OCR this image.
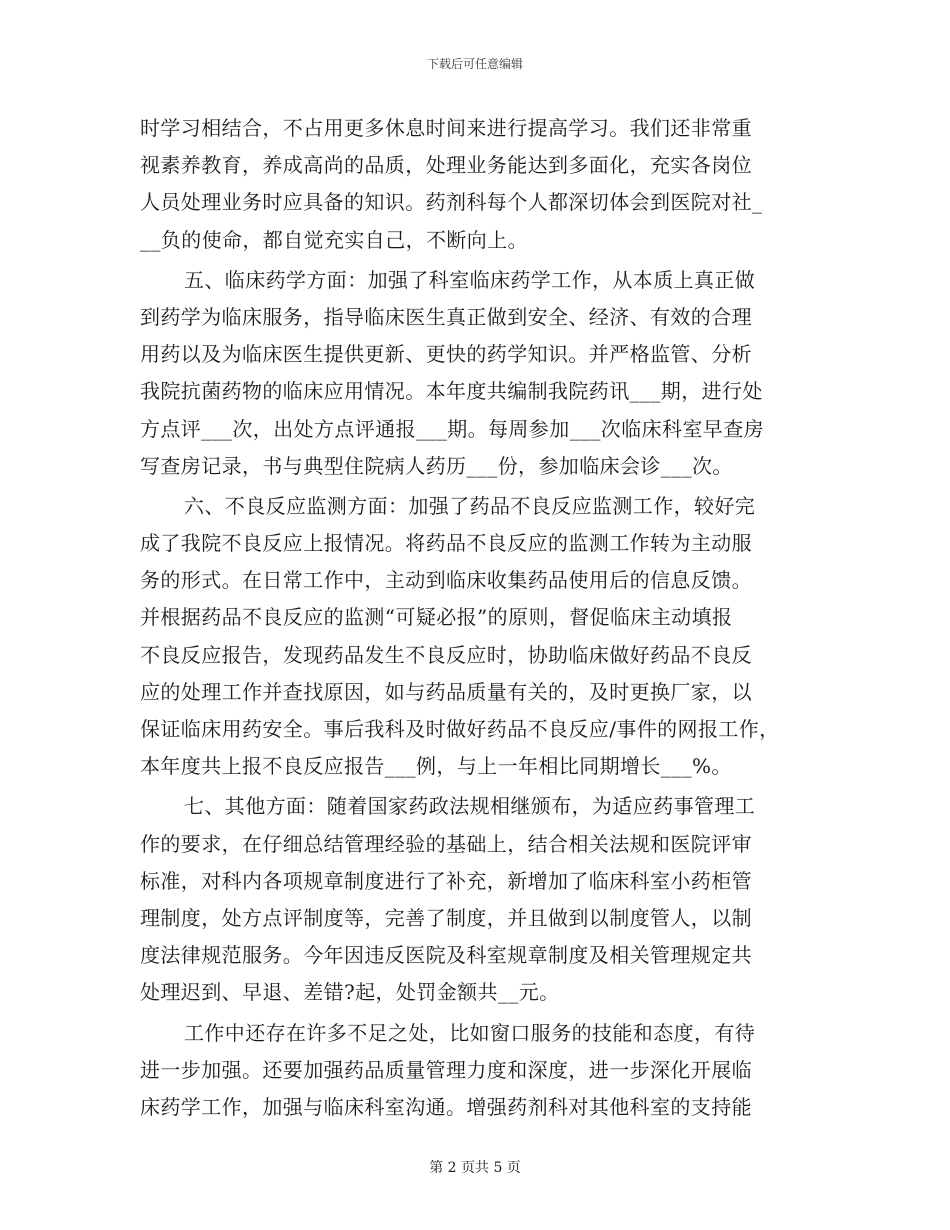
下载后可任意编辑
时学习相结合，不占用更多休息时间来进行提高学习。我们还非常重
视素养教育，养成高尚的品质，处理业务能达到多面化，充实各岗位
人员处理业务时应具备的知识。药剂科每个人都深切体会到医院对社_
__负的使命，都自觉充实自己，不断向上。
五、临床药学方面：加强了科室临床药学工作，从本质上真正做
到药学为临床服务，指导临床医生真正做到安全、经济、有效的合理
用药以及为临床医生提供更新、更快的药学知识。并严格监管、分析
我院抗菌药物的临床应用情况。本年度共编制我院药讯___期，进行处
方点评___次，出处方点评通报___期。每周参加___次临床科室早查房
写查房记录，书与典型住院病人药历___份，参加临床会诊___次。
六、不良反应监测方面：加强了药品不良反应监测工作，较好完
成了我院不良反应上报情况。将药品不良反应的监测工作转为主动服
务的形式。在日常工作中，主动到临床收集药品使用后的信息反馈。
并根据药品不良反应的监测“可疑必报”的原则，督促临床主动填报
不良反应报告，发现药品发生不良反应时，协助临床做好药品不良反
应的处理工作并查找原因，如与药品质量有关的，及时更换厂家，以
保证临床用药安全。事后我科及时做好药品不良反应/事件的网报工作，
本年度共上报不良反应报告___例，与上一年相比同期增长___%。
七、其他方面：随着国家药政法规相继颁布，为适应药事管理工
作的要求，在仔细总结管理经验的基础上，结合相关法规和医院评审
标准，对科内各项规章制度进行了补充，新增加了临床科室小药柜管
理制度，处方点评制度等，完善了制度，并且做到以制度管人，以制
度法律规范服务。今年因违反医院及科室规章制度及相关管理规定共
处理迟到、早退、差错?起，处罚金额共__元。
工作中还存在许多不足之处，比如窗口服务的技能和态度，有待
进一步加强。还要加强药品质量管理力度和深度，进一步深化开展临
床药学工作，加强与临床科室沟通。增强药剂科对其他科室的支持能
第 2 页共 5 页
